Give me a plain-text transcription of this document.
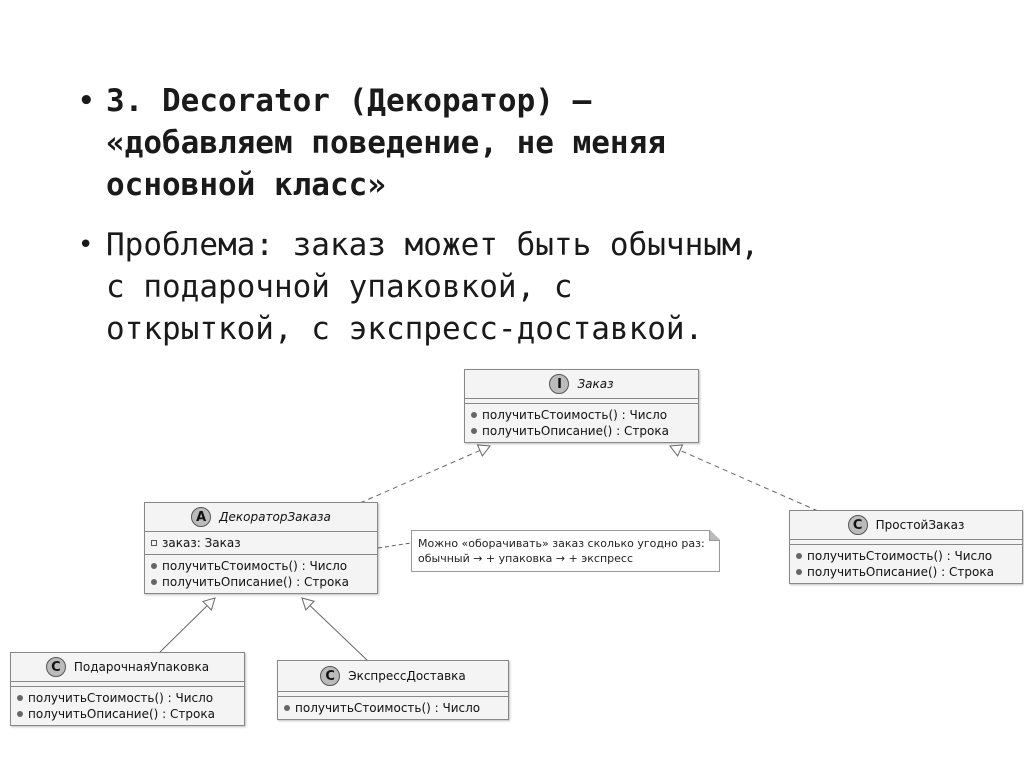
• 3. Decorator (Декоратор) —
«добавляем поведение, не меняя
основной класс»
• Проблема: заказ может быть обычным,
с подарочной упаковкой, с
открыткой, с экспресс-доставкой.
I	Заказ
получитьСтоимость() : Число
получитьОписание() : Строка
A	ДекораторЗаказа
заказ: Заказ
получитьСтоимость() : Число
получитьОписание() : Строка
Можно «оборачивать» заказ сколько угодно раз:
обычный → + упаковка → + экспресс
C	ПростойЗаказ
получитьСтоимость() : Число
получитьОписание() : Строка
C	ПодарочнаяУпаковка
получитьСтоимость() : Число
получитьОписание() : Строка
C	ЭкспрессДоставка
получитьСтоимость() : Число
